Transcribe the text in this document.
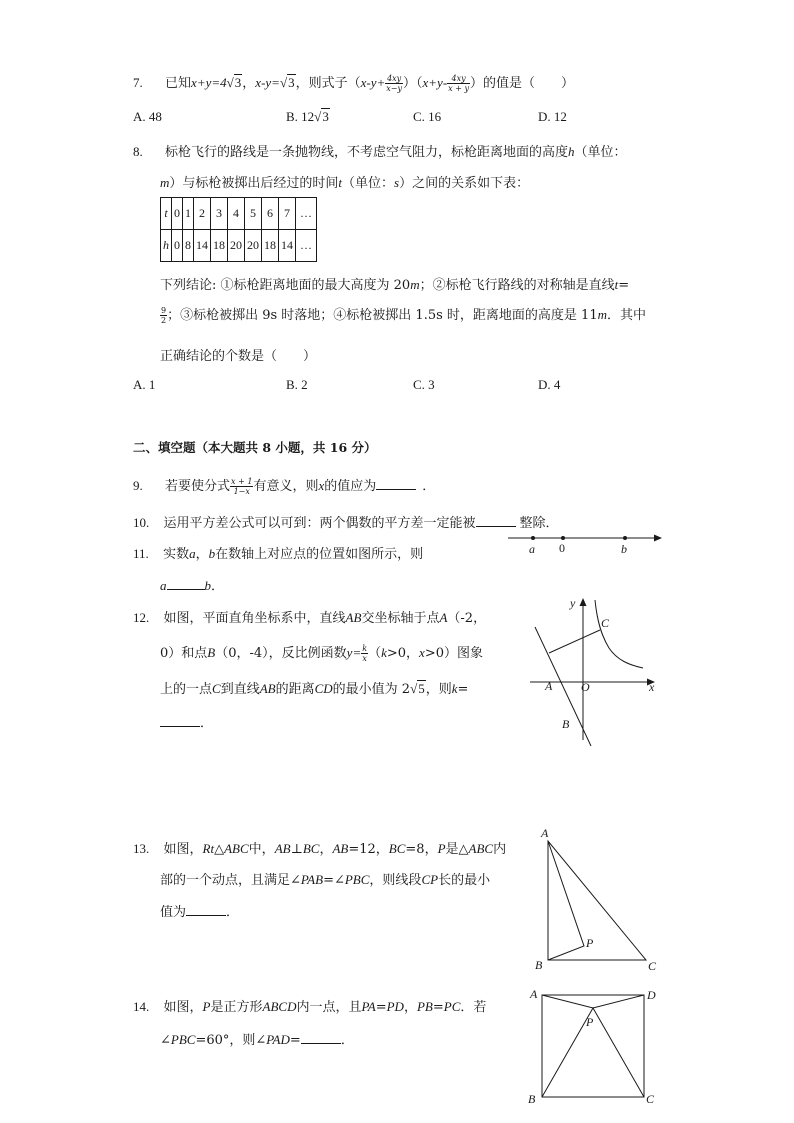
7. 已知x+y=4√3，x-y=√3，则式子$(x-y+ \frac{4xy}{x-y} )(x+y- \frac{4xy}{x + y}$ ）的值是（　　）
A. 48	B. 12√3	C. 16	D. 12
8. 标枪飞行的路线是一条抛物线，不考虑空气阻力，标枪距离地面的高度h（单位：
m）与标枪被掷出后经过的时间t（单位：s）之间的关系如下表：
t	0	1	2	3	4	5	6	7	…
h	0	8	14	18	20	20	18	14	…
下列结论: ①标枪距离地面的最大高度为 20m；②标枪飞行路线的对称轴是直线t=
$\frac{9}{2}$ ；③标枪被掷出 9s 时落地；④标枪被掷出 1.5s 时，距离地面的高度是 11m．其中
正确结论的个数是（　　）
A. 1	B. 2	C. 3	D. 4
二、填空题（本大题共 8 小题，共 16 分）
9. 若要使分式 $\frac{x + 1}{1-x}$ 有意义，则x的值应为	．
10. 运用平方差公式可以可到：两个偶数的平方差一定能被	整除．
11. 实数a，b在数轴上对应点的位置如图所示，则
a	b．
a 0	b
12. 如图，平面直角坐标系中，直线AB交坐标轴于点A（-2，
0）和点B（0，-4），反比例函数$y= \frac{k}{x} (k>0$，x>0）图象
上的一点C到直线AB的距离CD的最小值为 2√5，则k=
．
y
C
A O	x
B
13. 如图，Rt△ABC中，AB⊥BC，AB=12，BC=8，P是△ABC内
部的一个动点，且满足∠PAB=∠PBC，则线段CP长的最小
值为	．
A
P
B	C
14. 如图，P是正方形ABCD内一点，且PA=PD，PB=PC．若
∠PBC=60°，则∠PAD=	．
A	D
P
B	C
